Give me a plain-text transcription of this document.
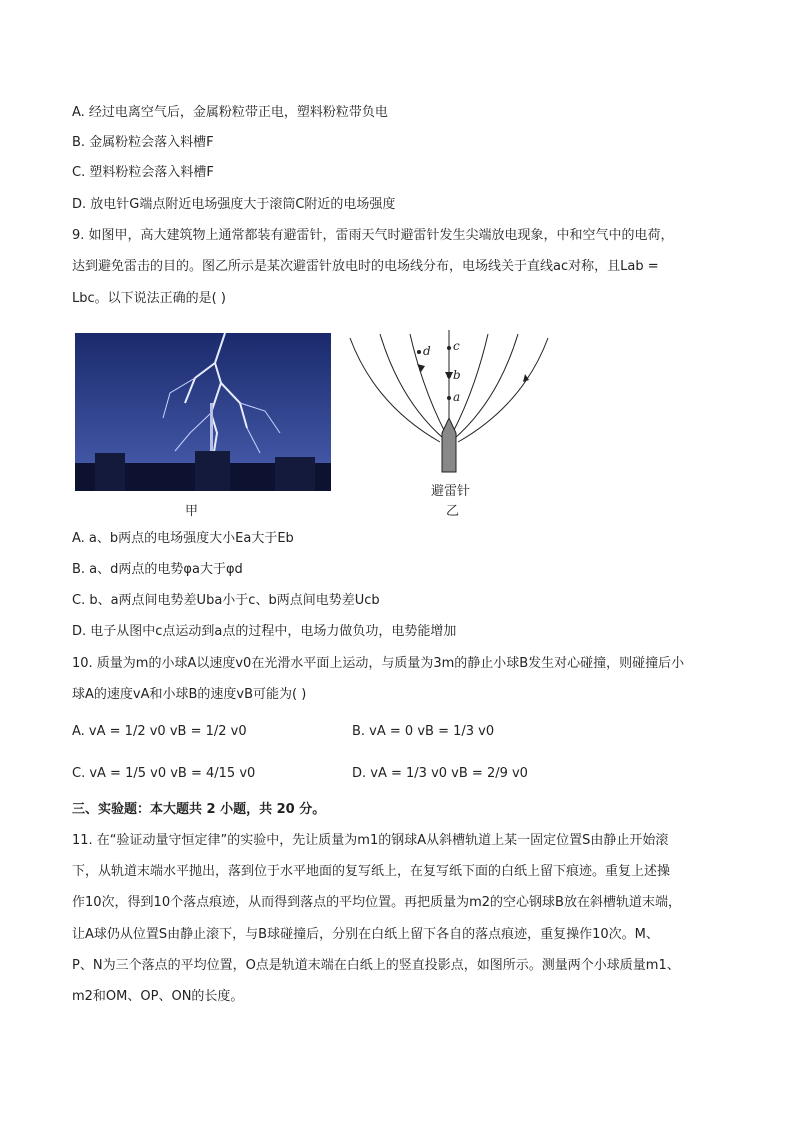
A. 经过电离空气后，金属粉粒带正电，塑料粉粒带负电
B. 金属粉粒会落入料槽F
C. 塑料粉粒会落入料槽F
D. 放电针G端点附近电场强度大于滚筒C附近的电场强度
9. 如图甲，高大建筑物上通常都装有避雷针，雷雨天气时避雷针发生尖端放电现象，中和空气中的电荷，
达到避免雷击的目的。图乙所示是某次避雷针放电时的电场线分布，电场线关于直线ac对称，且Lab =
Lbc。以下说法正确的是( )
甲
c
b
a
d
避雷针
乙
A. a、b两点的电场强度大小Ea大于Eb
B. a、d两点的电势φa大于φd
C. b、a两点间电势差Uba小于c、b两点间电势差Ucb
D. 电子从图中c点运动到a点的过程中，电场力做负功，电势能增加
10. 质量为m的小球A以速度v0在光滑水平面上运动，与质量为3m的静止小球B发生对心碰撞，则碰撞后小
球A的速度vA和小球B的速度vB可能为( )
A. vA = 1/2 v0 vB = 1/2 v0	B. vA = 0 vB = 1/3 v0
C. vA = 1/5 v0 vB = 4/15 v0	D. vA = 1/3 v0 vB = 2/9 v0
三、实验题：本大题共 2 小题，共 20 分。
11. 在“验证动量守恒定律”的实验中，先让质量为m1的钢球A从斜槽轨道上某一固定位置S由静止开始滚
下，从轨道末端水平抛出，落到位于水平地面的复写纸上，在复写纸下面的白纸上留下痕迹。重复上述操
作10次，得到10个落点痕迹，从而得到落点的平均位置。再把质量为m2的空心钢球B放在斜槽轨道末端，
让A球仍从位置S由静止滚下，与B球碰撞后，分别在白纸上留下各自的落点痕迹，重复操作10次。M、
P、N为三个落点的平均位置，O点是轨道末端在白纸上的竖直投影点，如图所示。测量两个小球质量m1、
m2和OM、OP、ON的长度。
